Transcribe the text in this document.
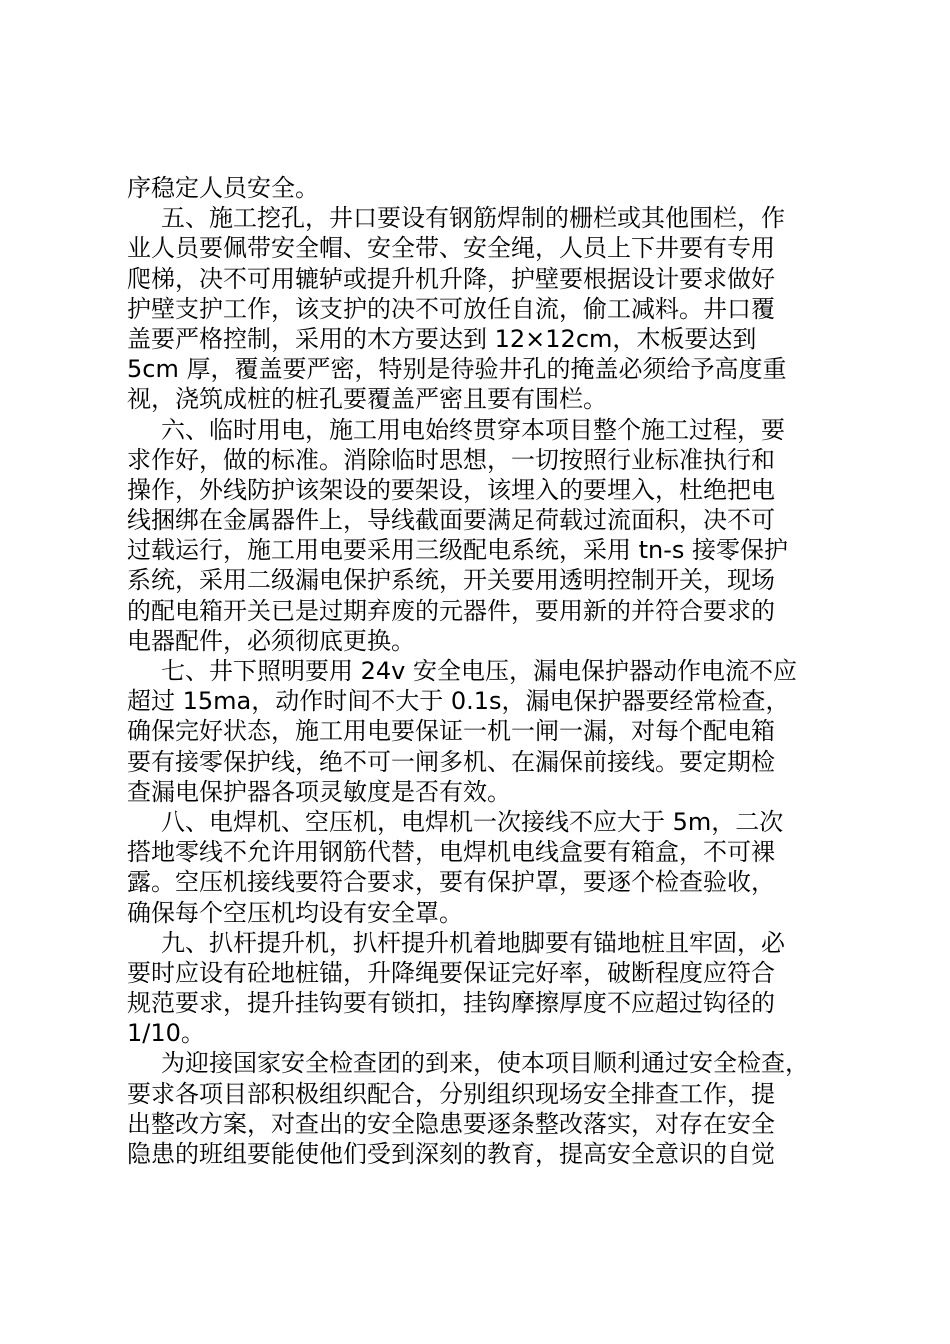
序稳定人员安全。
五、施工挖孔，井口要设有钢筋焊制的栅栏或其他围栏，作
业人员要佩带安全帽、安全带、安全绳，人员上下井要有专用
爬梯，决不可用辘轳或提升机升降，护壁要根据设计要求做好
护壁支护工作，该支护的决不可放任自流，偷工减料。井口覆
盖要严格控制，采用的木方要达到 12×12cm，木板要达到
5cm 厚，覆盖要严密，特别是待验井孔的掩盖必须给予高度重
视，浇筑成桩的桩孔要覆盖严密且要有围栏。
六、临时用电，施工用电始终贯穿本项目整个施工过程，要
求作好，做的标准。消除临时思想，一切按照行业标准执行和
操作，外线防护该架设的要架设，该埋入的要埋入，杜绝把电
线捆绑在金属器件上，导线截面要满足荷载过流面积，决不可
过载运行，施工用电要采用三级配电系统，采用 tn-s 接零保护
系统，采用二级漏电保护系统，开关要用透明控制开关，现场
的配电箱开关已是过期弃废的元器件，要用新的并符合要求的
电器配件，必须彻底更换。
七、井下照明要用 24v 安全电压，漏电保护器动作电流不应
超过 15ma，动作时间不大于 0.1s，漏电保护器要经常检查，
确保完好状态，施工用电要保证一机一闸一漏，对每个配电箱
要有接零保护线，绝不可一闸多机、在漏保前接线。要定期检
查漏电保护器各项灵敏度是否有效。
八、电焊机、空压机，电焊机一次接线不应大于 5m，二次
搭地零线不允许用钢筋代替，电焊机电线盒要有箱盒，不可裸
露。空压机接线要符合要求，要有保护罩，要逐个检查验收，
确保每个空压机均设有安全罩。
九、扒杆提升机，扒杆提升机着地脚要有锚地桩且牢固，必
要时应设有砼地桩锚，升降绳要保证完好率，破断程度应符合
规范要求，提升挂钩要有锁扣，挂钩摩擦厚度不应超过钩径的
1/10。
为迎接国家安全检查团的到来，使本项目顺利通过安全检查，
要求各项目部积极组织配合，分别组织现场安全排查工作，提
出整改方案，对查出的安全隐患要逐条整改落实，对存在安全
隐患的班组要能使他们受到深刻的教育，提高安全意识的自觉
